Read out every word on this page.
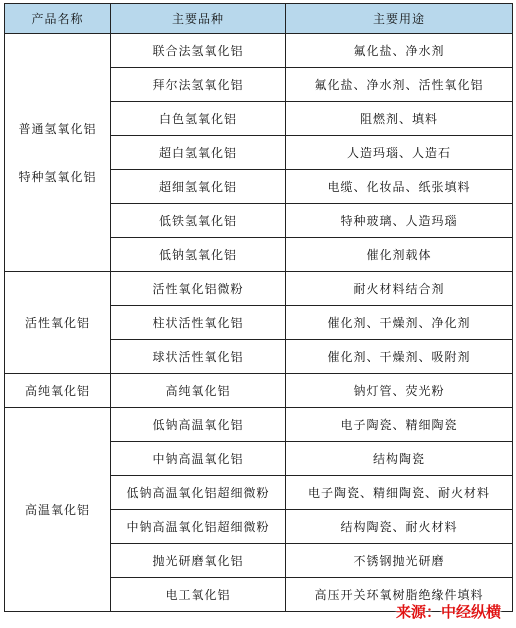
产品名称	主要品种	主要用途

普通氢氧化铝
特种氢氧化铝	联合法氢氧化铝	氟化盐、净水剂
	拜尔法氢氧化铝	氟化盐、净水剂、活性氧化铝
	白色氢氧化铝	阻燃剂、填料
	超白氢氧化铝	人造玛瑙、人造石
	超细氢氧化铝	电缆、化妆品、纸张填料
	低铁氢氧化铝	特种玻璃、人造玛瑙
	低钠氢氧化铝	催化剂载体

活性氧化铝	活性氧化铝微粉	耐火材料结合剂
	柱状活性氧化铝	催化剂、干燥剂、净化剂
	球状活性氧化铝	催化剂、干燥剂、吸附剂

高纯氧化铝	高纯氧化铝	钠灯管、荧光粉

高温氧化铝	低钠高温氧化铝	电子陶瓷、精细陶瓷
	中钠高温氧化铝	结构陶瓷
	低钠高温氧化铝超细微粉	电子陶瓷、精细陶瓷、耐火材料
	中钠高温氧化铝超细微粉	结构陶瓷、耐火材料
	抛光研磨氧化铝	不锈钢抛光研磨
	电工氧化铝	高压开关环氧树脂绝缘件填料
来源：中经纵横
